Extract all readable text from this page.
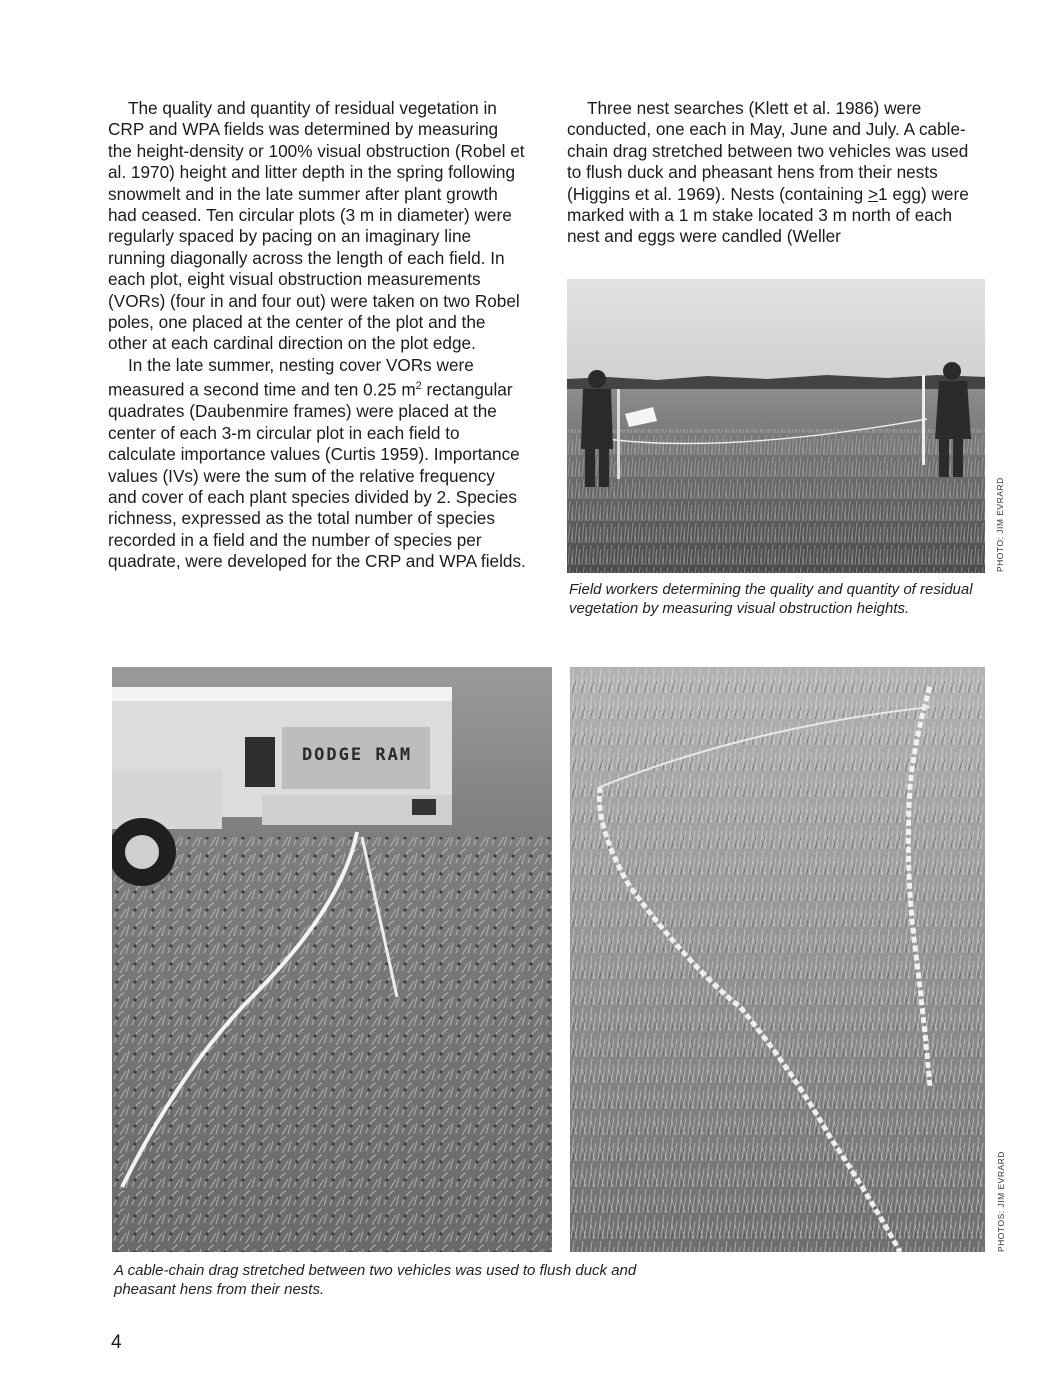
The quality and quantity of residual vegetation in CRP and WPA fields was determined by measuring the height-density or 100% visual obstruction (Robel et al. 1970) height and litter depth in the spring following snowmelt and in the late summer after plant growth had ceased. Ten circular plots (3 m in diameter) were regularly spaced by pacing on an imaginary line running diagonally across the length of each field. In each plot, eight visual obstruction measurements (VORs) (four in and four out) were taken on two Robel poles, one placed at the center of the plot and the other at each cardinal direction on the plot edge.

In the late summer, nesting cover VORs were measured a second time and ten 0.25 $m^2$ rectangular quadrates (Daubenmire frames) were placed at the center of each 3-m circular plot in each field to calculate importance values (Curtis 1959). Importance values (IVs) were the sum of the relative frequency and cover of each plant species divided by 2. Species richness, expressed as the total number of species recorded in a field and the number of species per quadrate, were developed for the CRP and WPA fields.

Three nest searches (Klett et al. 1986) were conducted, one each in May, June and July. A cable-chain drag stretched between two vehicles was used to flush duck and pheasant hens from their nests (Higgins et al. 1969). Nests (containing ≥1 egg) were marked with a 1 m stake located 3 m north of each nest and eggs were candled (Weller

PHOTO: JIM EVRARD
Field workers determining the quality and quantity of residual vegetation by measuring visual obstruction heights.
DODGE RAM
PHOTOS: JIM EVRARD
A cable-chain drag stretched between two vehicles was used to flush duck and pheasant hens from their nests.
4
